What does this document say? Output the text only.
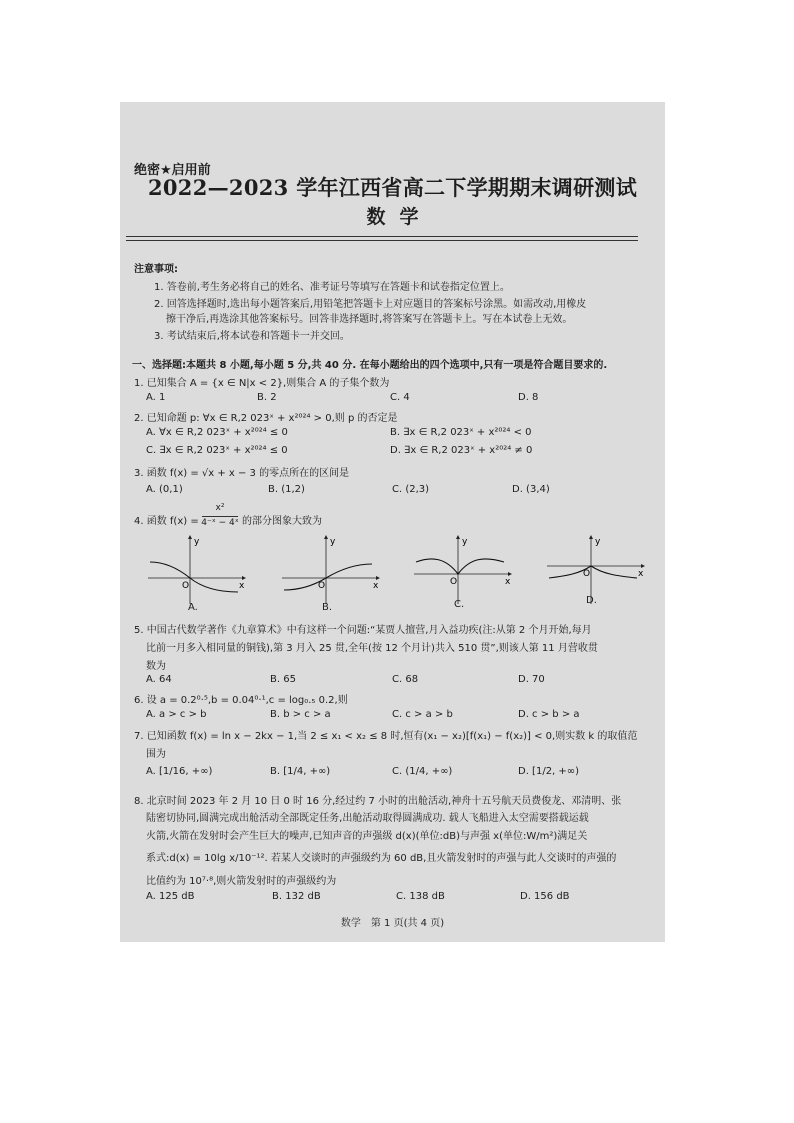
绝密★启用前
2022—2023 学年江西省高二下学期期末调研测试
数学
注意事项:
1. 答卷前,考生务必将自己的姓名、准考证号等填写在答题卡和试卷指定位置上。
2. 回答选择题时,选出每小题答案后,用铅笔把答题卡上对应题目的答案标号涂黑。如需改动,用橡皮
擦干净后,再选涂其他答案标号。回答非选择题时,将答案写在答题卡上。写在本试卷上无效。
3. 考试结束后,将本试卷和答题卡一并交回。
一、选择题:本题共 8 小题,每小题 5 分,共 40 分. 在每小题给出的四个选项中,只有一项是符合题目要求的.
1. 已知集合 A = {x ∈ N|x < 2},则集合 A 的子集个数为
A. 1	B. 2	C. 4	D. 8
2. 已知命题 p: ∀x ∈ R,2 023ˣ + x²⁰²⁴ > 0,则 p 的否定是
A. ∀x ∈ R,2 023ˣ + x²⁰²⁴ ≤ 0	B. ∃x ∈ R,2 023ˣ + x²⁰²⁴ < 0
C. ∃x ∈ R,2 023ˣ + x²⁰²⁴ ≤ 0	D. ∃x ∈ R,2 023ˣ + x²⁰²⁴ ≠ 0
3. 函数 f(x) = √x + x − 3 的零点所在的区间是
A. (0,1)	B. (1,2)	C. (2,3)	D. (3,4)
4. 函数 f(x) =
x²
4⁻ˣ − 4ˣ 的部分图象大致为
y
x
O
A.
y
x
O
B.
y
x
O
C.
y
x
O
D.
5. 中国古代数学著作《九章算术》中有这样一个问题:“某贾人擅营,月入益功疾(注:从第 2 个月开始,每月
比前一月多入相同量的铜钱),第 3 月入 25 贯,全年(按 12 个月计)共入 510 贯”,则该人第 11 月营收贯
数为
A. 64	B. 65	C. 68	D. 70
6. 设 a = 0.2⁰·⁵,b = 0.04⁰·¹,c = log₀.₅ 0.2,则
A. a > c > b	B. b > c > a	C. c > a > b	D. c > b > a
7. 已知函数 f(x) = ln x − 2kx − 1,当 2 ≤ x₁ < x₂ ≤ 8 时,恒有(x₁ − x₂)[f(x₁) − f(x₂)] < 0,则实数 k 的取值范
围为
A. [1/16, +∞)	B. [1/4, +∞)	C. (1/4, +∞)	D. [1/2, +∞)
8. 北京时间 2023 年 2 月 10 日 0 时 16 分,经过约 7 小时的出舱活动,神舟十五号航天员费俊龙、邓清明、张
陆密切协同,圆满完成出舱活动全部既定任务,出舱活动取得圆满成功. 载人飞船进入太空需要搭载运载
火箭,火箭在发射时会产生巨大的噪声,已知声音的声强级 d(x)(单位:dB)与声强 x(单位:W/m²)满足关
系式:d(x) = 10lg x/10⁻¹². 若某人交谈时的声强级约为 60 dB,且火箭发射时的声强与此人交谈时的声强的
比值约为 10⁷·⁸,则火箭发射时的声强级约为
A. 125 dB	B. 132 dB	C. 138 dB	D. 156 dB
数学　第 1 页(共 4 页)
